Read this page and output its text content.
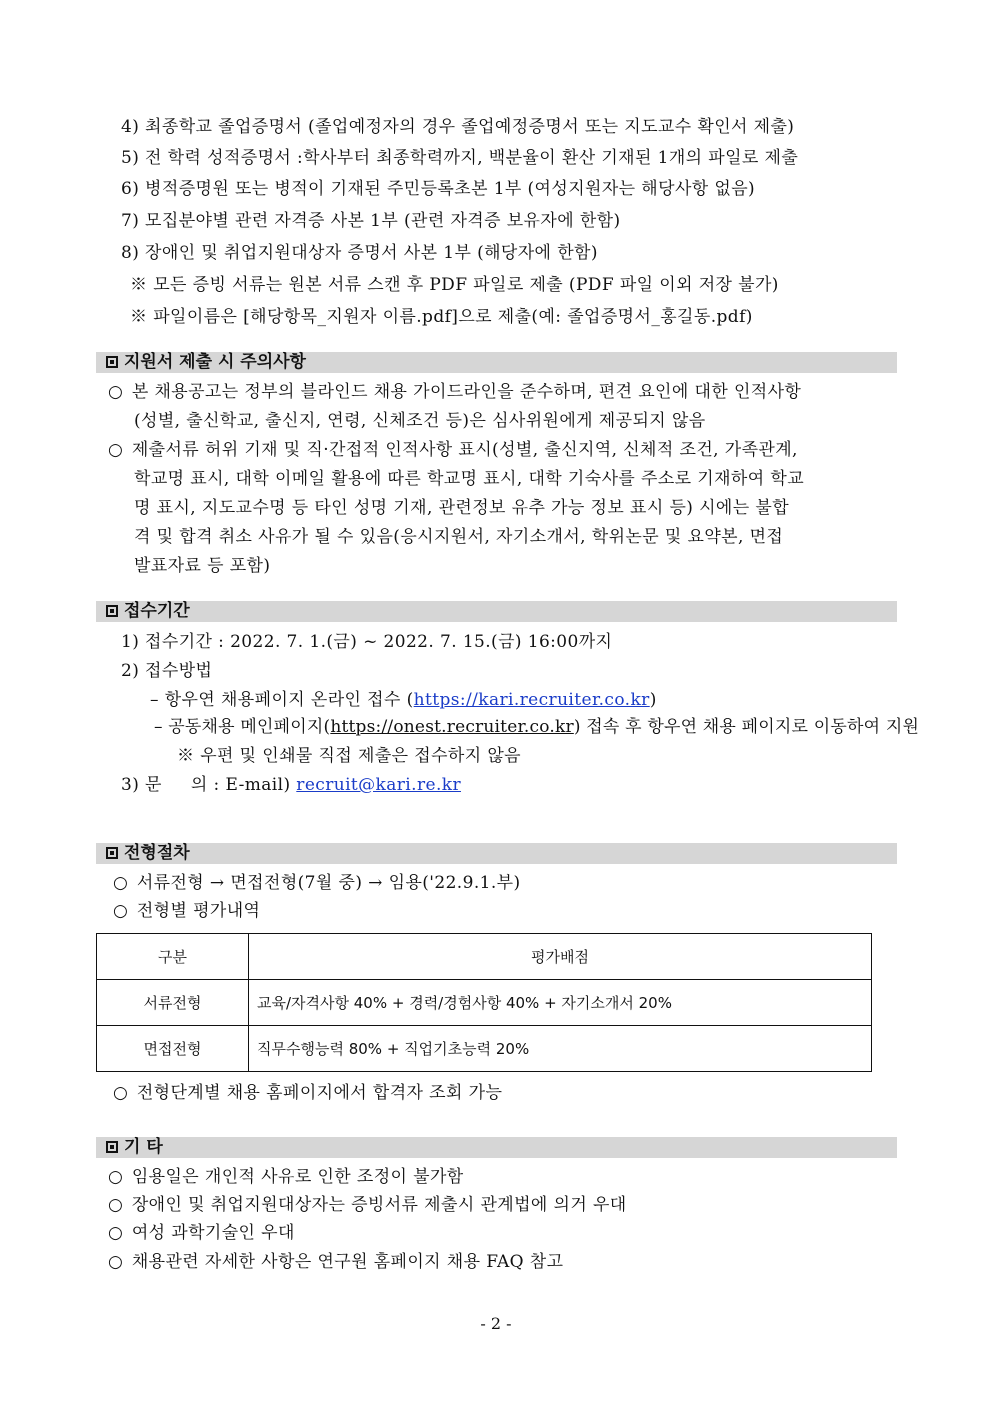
4) 최종학교 졸업증명서 (졸업예정자의 경우 졸업예정증명서 또는 지도교수 확인서 제출)
5) 전 학력 성적증명서 :학사부터 최종학력까지, 백분율이 환산 기재된 1개의 파일로 제출
6) 병적증명원 또는 병적이 기재된 주민등록초본 1부 (여성지원자는 해당사항 없음)
7) 모집분야별 관련 자격증 사본 1부 (관련 자격증 보유자에 한함)
8) 장애인 및 취업지원대상자 증명서 사본 1부 (해당자에 한함)
※ 모든 증빙 서류는 원본 서류 스캔 후 PDF 파일로 제출 (PDF 파일 이외 저장 불가)
※ 파일이름은 [해당항목_지원자 이름.pdf]으로 제출(예: 졸업증명서_홍길동.pdf)
지원서 제출 시 주의사항
○ 본 채용공고는 정부의 블라인드 채용 가이드라인을 준수하며, 편견 요인에 대한 인적사항
(성별, 출신학교, 출신지, 연령, 신체조건 등)은 심사위원에게 제공되지 않음
○ 제출서류 허위 기재 및 직·간접적 인적사항 표시(성별, 출신지역, 신체적 조건, 가족관계,
학교명 표시, 대학 이메일 활용에 따른 학교명 표시, 대학 기숙사를 주소로 기재하여 학교
명 표시, 지도교수명 등 타인 성명 기재, 관련정보 유추 가능 정보 표시 등) 시에는 불합
격 및 합격 취소 사유가 될 수 있음(응시지원서, 자기소개서, 학위논문 및 요약본, 면접
발표자료 등 포함)
접수기간
1) 접수기간 : 2022. 7. 1.(금) ~ 2022. 7. 15.(금) 16:00까지
2) 접수방법
– 항우연 채용페이지 온라인 접수 (https://kari.recruiter.co.kr)
– 공동채용 메인페이지(https://onest.recruiter.co.kr) 접속 후 항우연 채용 페이지로 이동하여 지원
※ 우편 및 인쇄물 직접 제출은 접수하지 않음
3) 문     의 : E-mail) recruit@kari.re.kr
전형절차
○ 서류전형 → 면접전형(7월 중) → 임용('22.9.1.부)
○ 전형별 평가내역
구분	평가배점
서류전형	교육/자격사항 40% + 경력/경험사항 40% + 자기소개서 20%
면접전형	직무수행능력 80% + 직업기초능력 20%
○ 전형단계별 채용 홈페이지에서 합격자 조회 가능
기 타
○ 임용일은 개인적 사유로 인한 조정이 불가함
○ 장애인 및 취업지원대상자는 증빙서류 제출시 관계법에 의거 우대
○ 여성 과학기술인 우대
○ 채용관련 자세한 사항은 연구원 홈페이지 채용 FAQ 참고
- 2 -
